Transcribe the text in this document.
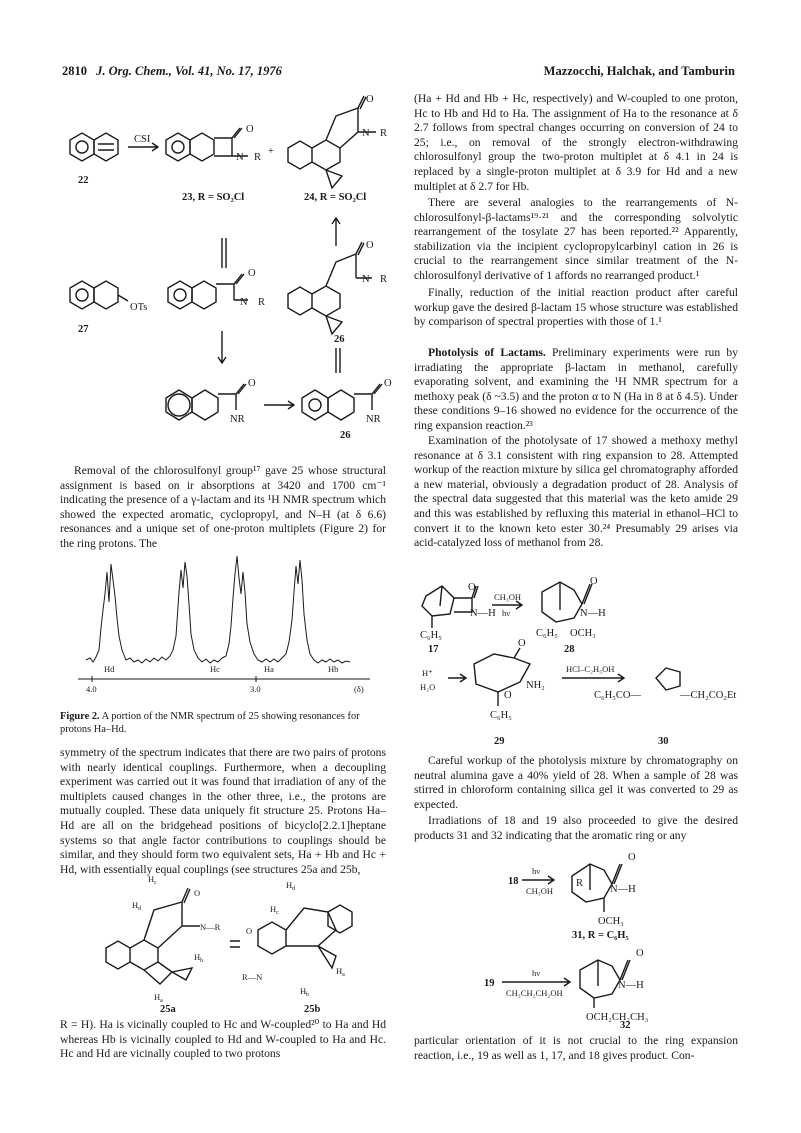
2810 J. Org. Chem., Vol. 41, No. 17, 1976	Mazzocchi, Halchak, and Tamburin
CSI
22
O
N R
23, R = SO₂Cl
+
O
N R
24, R = SO₂Cl
OTs
27
O
N R
O
N R
26
O
NR
O
NR
26

Removal of the chlorosulfonyl group¹⁷ gave 25 whose structural assignment is based on ir absorptions at 3420 and 1700 cm⁻¹ indicating the presence of a γ-lactam and its ¹H NMR spectrum which showed the expected aromatic, cyclopropyl, and N–H (at δ 6.6) resonances and a unique set of one-proton multiplets (Figure 2) for the ring protons. The

Hd	Hc	Ha	Hb
4.0	3.0	(δ)

Figure 2. A portion of the NMR spectrum of 25 showing resonances for protons Ha–Hd.

symmetry of the spectrum indicates that there are two pairs of protons with nearly identical couplings. Furthermore, when a decoupling experiment was carried out it was found that irradiation of any of the multiplets caused changes in the other three, i.e., the protons are mutually coupled. These data uniquely fit structure 25. Protons Ha–Hd are all on the bridgehead positions of bicyclo[2.2.1]heptane systems so that angle factor contributions to couplings should be similar, and they should form two equivalent sets, Ha + Hb and Hc + Hd, with essentially equal couplings (see structures 25a and 25b,

$H_c$
$H_d$
O
N—R
$H_b$
$H_a$
25a
$H_d$
$H_c$
O
R—N
$H_a$
$H_b$
25b

R = H). Ha is vicinally coupled to Hc and W-coupled²⁰ to Ha and Hd whereas Hb is vicinally coupled to Hd and W-coupled to Ha and Hc. Hc and Hd are vicinally coupled to two protons

(Ha + Hd and Hb + Hc, respectively) and W-coupled to one proton, Hc to Hb and Hd to Ha. The assignment of Ha to the resonance at δ 2.7 follows from spectral changes occurring on conversion of 24 to 25; i.e., on removal of the strongly electron-withdrawing chlorosulfonyl group the two-proton multiplet at δ 4.1 in 24 is replaced by a single-proton multiplet at δ 3.9 for Hd and a new multiplet at δ 2.7 for Hb.

There are several analogies to the rearrangements of N-chlorosulfonyl-β-lactams¹⁹·²¹ and the corresponding solvolytic rearrangement of the tosylate 27 has been reported.²² Apparently, stabilization via the incipient cyclopropylcarbinyl cation in 26 is crucial to the rearrangement since similar treatment of the N-chlorosulfonyl derivative of 1 affords no rearranged product.¹

Finally, reduction of the initial reaction product after careful workup gave the desired β-lactam 15 whose structure was established by comparison of spectral properties with those of 1.¹

Photolysis of Lactams. Preliminary experiments were run by irradiating the appropriate β-lactam in methanol, carefully evaporating solvent, and examining the ¹H NMR spectrum for a methoxy peak (δ ~3.5) and the proton α to N (Ha in 8 at δ 4.5). Under these conditions 9–16 showed no evidence for the occurrence of the ring expansion reaction.²³

Examination of the photolysate of 17 showed a methoxy methyl resonance at δ 3.1 consistent with ring expansion to 28. Attempted workup of the reaction mixture by silica gel chromatography afforded a new material, obviously a degradation product of 28. Analysis of the spectral data suggested that this material was the keto amide 29 and this was established by refluxing this material in ethanol–HCl to convert it to the known keto ester 30.²⁴ Presumably 29 arises via acid-catalyzed loss of methanol from 28.

O
N—H
C₆H₅
17
CH₃OH
hν
O
N—H
C₆H₅ OCH₃
28
H⁺
H₂O
O
NH₂
O
C₆H₅
29
HCl–C₂H₅OH
C₆H₅CO—	—CH₂CO₂Et
30

Careful workup of the photolysis mixture by chromatography on neutral alumina gave a 40% yield of 28. When a sample of 28 was stirred in chloroform containing silica gel it was converted to 29 as expected.

Irradiations of 18 and 19 also proceeded to give the desired products 31 and 32 indicating that the aromatic ring or any

18
hν
CH₃OH
R
O
N—H
OCH₃
31, R = C₆H₅
19
hν
CH₃CH₂CH₂OH
O
N—H
OCH₂CH₂CH₃
32

particular orientation of it is not crucial to the ring expansion reaction, i.e., 19 as well as 1, 17, and 18 gives product. Con-
